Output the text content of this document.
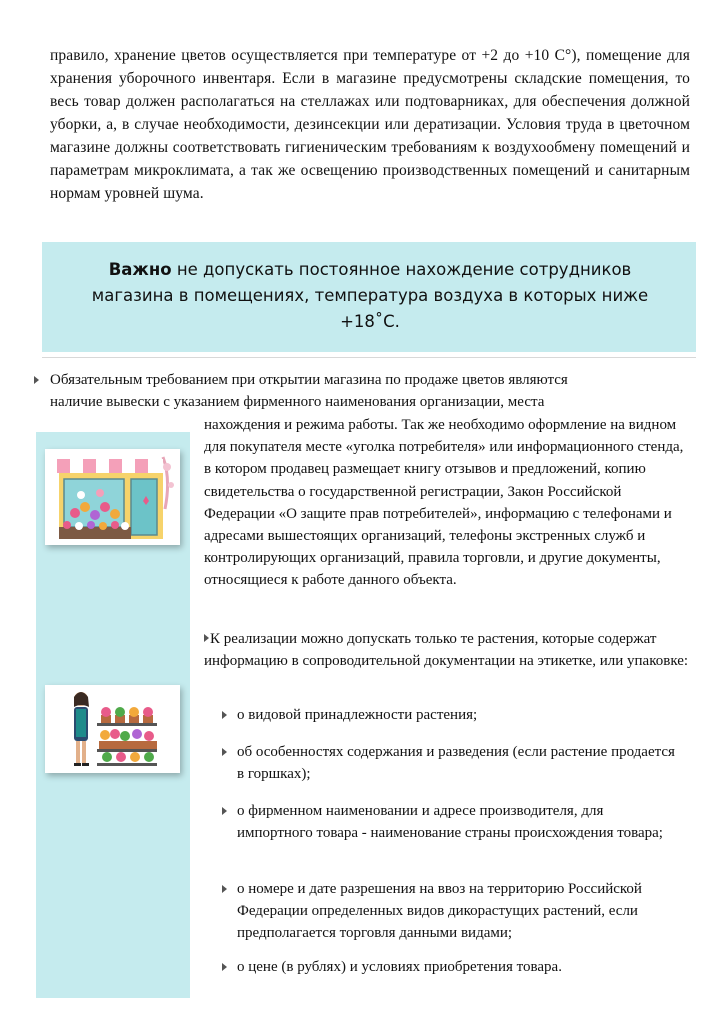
правило, хранение цветов осуществляется при температуре от +2 до +10 С°), помещение для хранения уборочного инвентаря. Если в магазине предусмотрены складские помещения, то весь товар должен располагаться на стеллажах или подтоварниках, для обеспечения должной уборки, а, в случае необходимости, дезинсекции или дератизации. Условия труда в цветочном магазине должны соответствовать гигиеническим требованиям к воздухообмену помещений и параметрам микроклимата, а так же освещению производственных помещений и санитарным нормам уровней шума.
Важно не допускать постоянное нахождение сотрудников
магазина в помещениях, температура воздуха в которых ниже
+18˚С.
Обязательным требованием при открытии магазина по продаже цветов являются
наличие вывески с указанием фирменного наименования организации, места
нахождения и режима работы. Так же необходимо оформление на видном для покупателя месте «уголка потребителя» или информационного стенда, в котором продавец размещает книгу отзывов и предложений, копию свидетельства о государственной регистрации, Закон Российской Федерации «О защите прав потребителей», информацию с телефонами и адресами вышестоящих организаций, телефоны экстренных служб и контролирующих организаций, правила торговли, и другие документы, относящиеся к работе данного объекта.
К реализации можно допускать только те растения, которые содержат информацию в сопроводительной документации на этикетке, или упаковке:
о видовой принадлежности растения;
об особенностях содержания и разведения (если растение продается в горшках);
о фирменном наименовании и адресе производителя, для импортного товара - наименование страны происхождения товара;
о номере и дате разрешения на ввоз на территорию Российской Федерации определенных видов дикорастущих растений, если предполагается торговля данными видами;
о цене (в рублях) и условиях приобретения товара.
